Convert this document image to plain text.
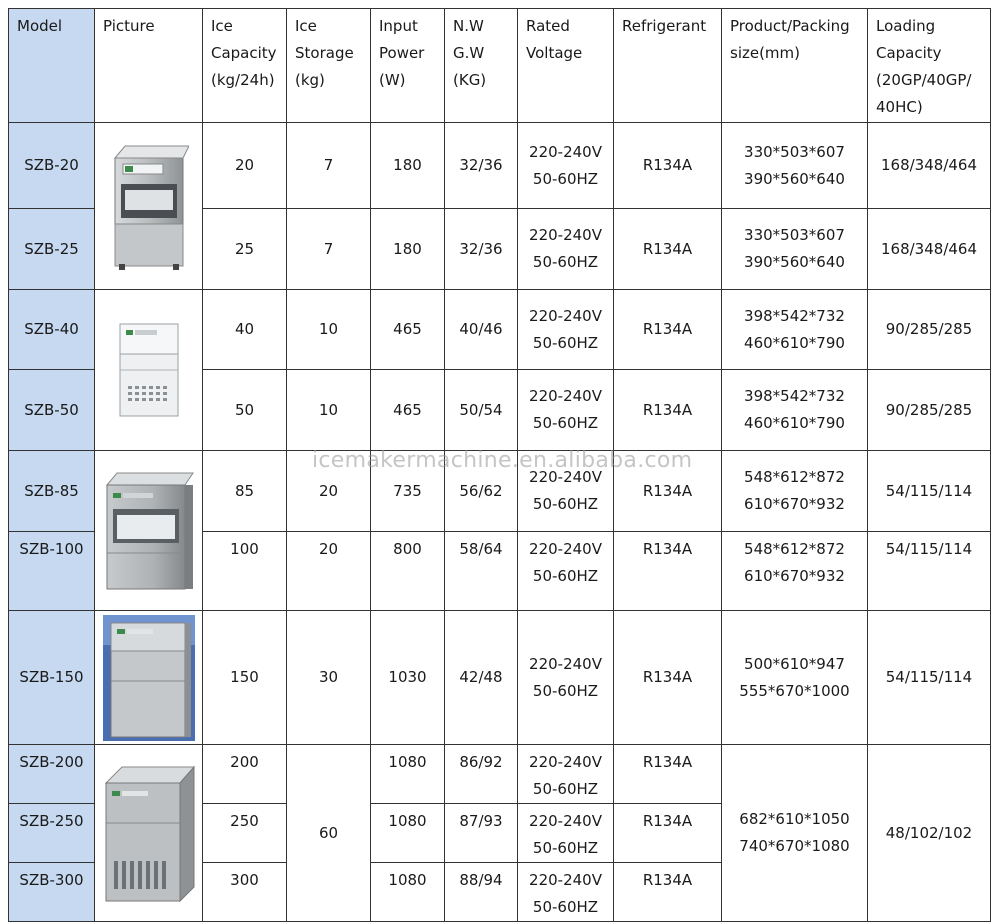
Model	Picture	Ice
Capacity
(kg/24h)	Ice
Storage
(kg)	Input
Power
(W)	N.W
G.W
(KG)	Rated
Voltage	Refrigerant	Product/Packing
size(mm)	Loading
Capacity
(20GP/40GP/
40HC)

SZB-20		20	7	180	32/36	220-240V
50-60HZ	R134A	330*503*607
390*560*640	168/348/464
SZB-25		25	7	180	32/36	220-240V
50-60HZ	R134A	330*503*607
390*560*640	168/348/464
SZB-40		40	10	465	40/46	220-240V
50-60HZ	R134A	398*542*732
460*610*790	90/285/285
SZB-50		50	10	465	50/54	220-240V
50-60HZ	R134A	398*542*732
460*610*790	90/285/285
SZB-85		85	20	735	56/62	220-240V
50-60HZ	R134A	548*612*872
610*670*932	54/115/114
SZB-100		100	20	800	58/64	220-240V
50-60HZ	R134A	548*612*872
610*670*932	54/115/114
SZB-150		150	30	1030	42/48	220-240V
50-60HZ	R134A	500*610*947
555*670*1000	54/115/114
SZB-200		200	60	1080	86/92	220-240V
50-60HZ	R134A	682*610*1050
740*670*1080	48/102/102
SZB-250		250		1080	87/93	220-240V
50-60HZ	R134A		
SZB-300		300		1080	88/94	220-240V
50-60HZ	R134A		
icemakermachine.en.alibaba.com
